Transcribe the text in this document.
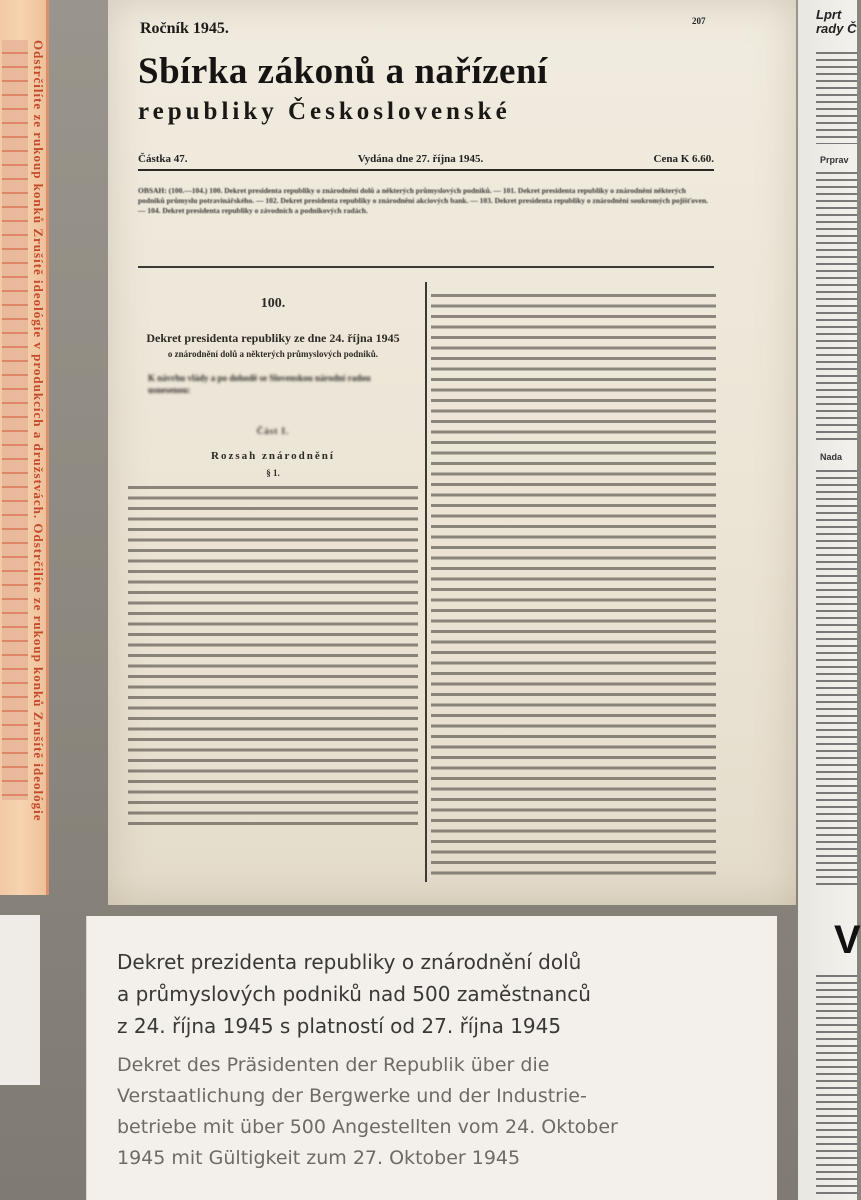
Odstrčilíte ze rukoup konků Zrušítě ideológie v produkcích a družstvách. Odstrčilíte ze rukoup konků Zrušítě ideológie
207
Ročník 1945.
Sbírka zákonů a nařízení
republiky Československé
Částka 47.	Vydána dne 27. října 1945.	Cena K 6.60.
OBSAH: (100.—104.) 100. Dekret presidenta republiky o znárodnění dolů a některých průmyslových podniků. — 101. Dekret presidenta republiky o znárodnění některých podniků průmyslu potravinářského. — 102. Dekret presidenta republiky o znárodnění akciových bank. — 103. Dekret presidenta republiky o znárodnění soukromých pojišťoven. — 104. Dekret presidenta republiky o závodních a podnikových radách.
100.
Dekret presidenta republiky ze dne 24. října 1945
o znárodnění dolů a některých průmyslových podniků.
K návrhu vlády a po dohodě se Slovenskou národní radou usnesenou:
Část I.
Rozsah znárodnění
§ 1.
Lprt
rady Č
Prprav
Nada
V
Dekret prezidenta republiky o znárodnění dolů
a průmyslových podniků nad 500 zaměstnanců
z 24. října 1945 s platností od 27. října 1945
Dekret des Präsidenten der Republik über die
Verstaatlichung der Bergwerke und der Industrie-
betriebe mit über 500 Angestellten vom 24. Oktober
1945 mit Gültigkeit zum 27. Oktober 1945
